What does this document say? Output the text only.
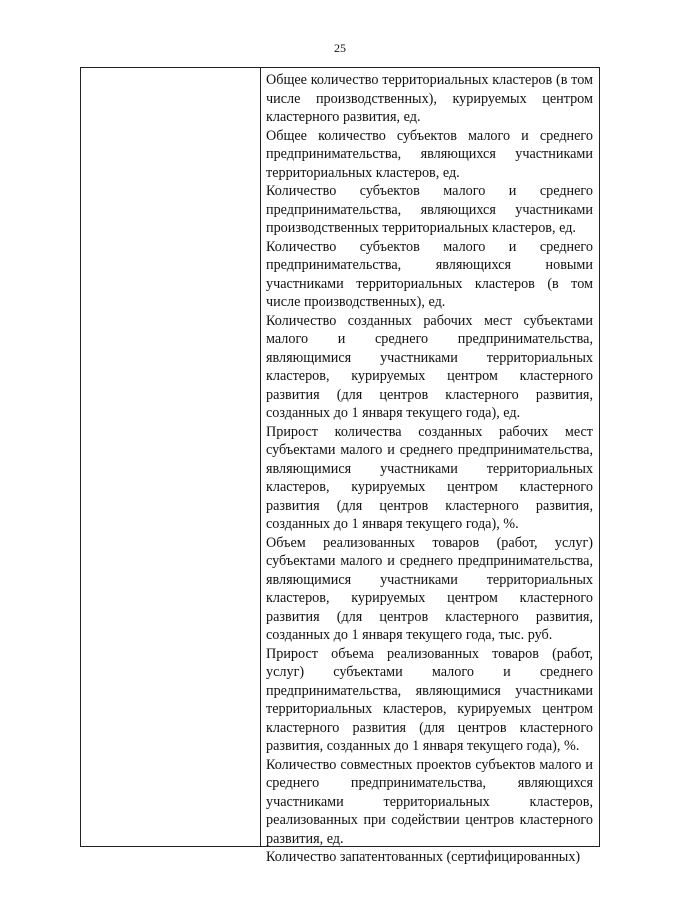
25

Общее количество территориальных кластеров (в том числе производственных), курируемых центром кластерного развития, ед.

Общее количество субъектов малого и среднего предпринимательства, являющихся участниками территориальных кластеров, ед.

Количество субъектов малого и среднего предпринимательства, являющихся участниками производственных территориальных кластеров, ед.

Количество субъектов малого и среднего предпринимательства, являющихся новыми участниками территориальных кластеров (в том числе производственных), ед.

Количество созданных рабочих мест субъектами малого и среднего предпринимательства, являющимися участниками территориальных кластеров, курируемых центром кластерного развития (для центров кластерного развития, созданных до 1 января текущего года), ед.

Прирост количества созданных рабочих мест субъектами малого и среднего предпринимательства, являющимися участниками территориальных кластеров, курируемых центром кластерного развития (для центров кластерного развития, созданных до 1 января текущего года), %.

Объем реализованных товаров (работ, услуг) субъектами малого и среднего предпринимательства, являющимися участниками территориальных кластеров, курируемых центром кластерного развития (для центров кластерного развития, созданных до 1 января текущего года, тыс. руб.

Прирост объема реализованных товаров (работ, услуг) субъектами малого и среднего предпринимательства, являющимися участниками территориальных кластеров, курируемых центром кластерного развития (для центров кластерного развития, созданных до 1 января текущего года), %.

Количество совместных проектов субъектов малого и среднего предпринимательства, являющихся участниками территориальных кластеров, реализованных при содействии центров кластерного развития, ед.

Количество запатентованных (сертифицированных)
